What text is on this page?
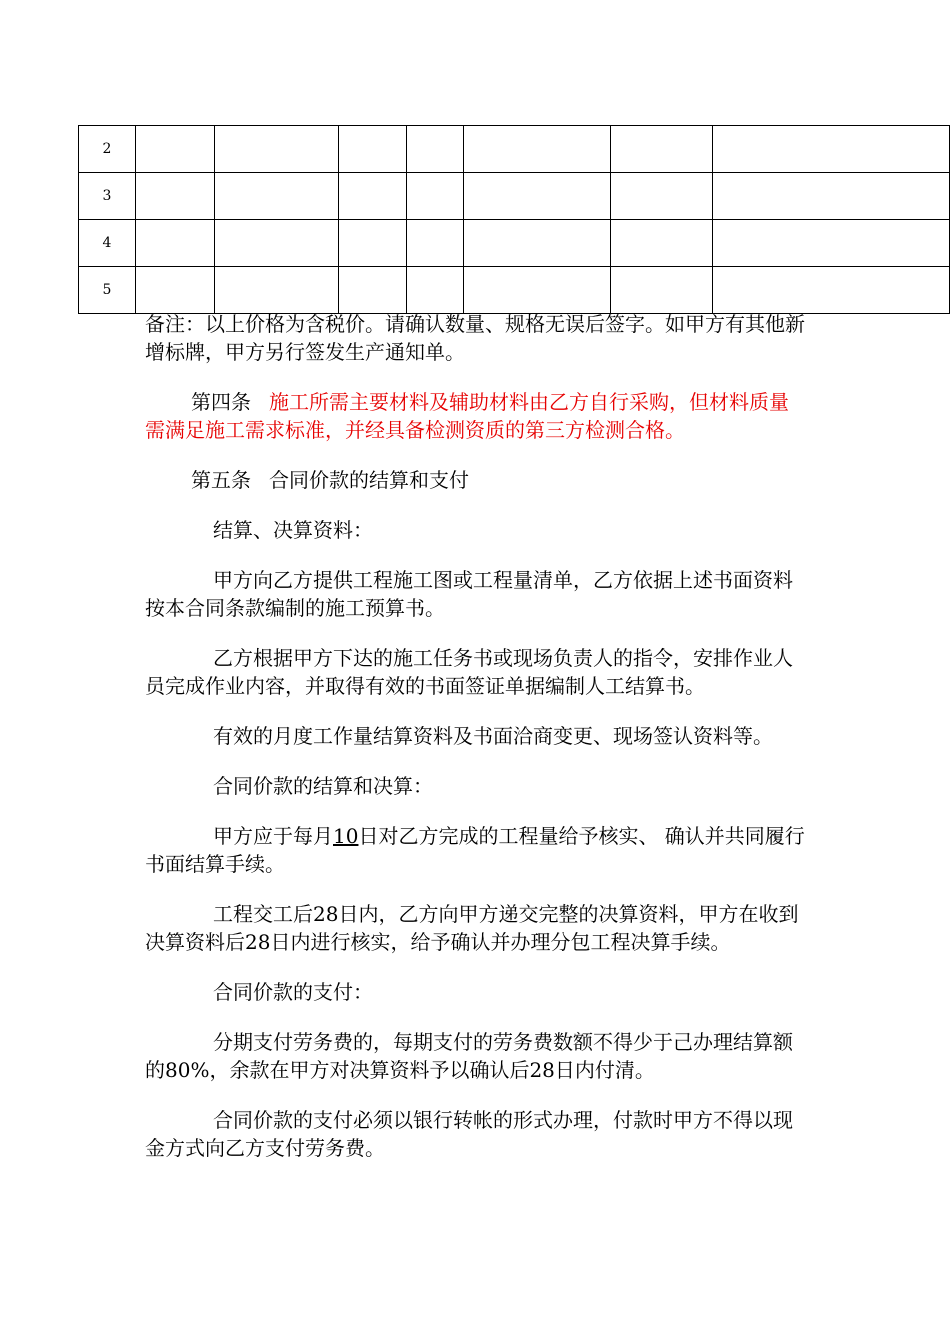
2							
3							
4							
5							

备注：以上价格为含税价。请确认数量、规格无误后签字。如甲方有其他新增标牌，甲方另行签发生产通知单。

第四条 施工所需主要材料及辅助材料由乙方自行采购，但材料质量需满足施工需求标准，并经具备检测资质的第三方检测合格。

第五条 合同价款的结算和支付

结算、决算资料：

甲方向乙方提供工程施工图或工程量清单，乙方依据上述书面资料按本合同条款编制的施工预算书。

乙方根据甲方下达的施工任务书或现场负责人的指令，安排作业人员完成作业内容，并取得有效的书面签证单据编制人工结算书。

有效的月度工作量结算资料及书面洽商变更、现场签认资料等。

合同价款的结算和决算：

甲方应于每月10日对乙方完成的工程量给予核实、 确认并共同履行书面结算手续。

工程交工后28日内，乙方向甲方递交完整的决算资料，甲方在收到决算资料后28日内进行核实，给予确认并办理分包工程决算手续。

合同价款的支付：

分期支付劳务费的，每期支付的劳务费数额不得少于己办理结算额的80%，余款在甲方对决算资料予以确认后28日内付清。

合同价款的支付必须以银行转帐的形式办理，付款时甲方不得以现金方式向乙方支付劳务费。
